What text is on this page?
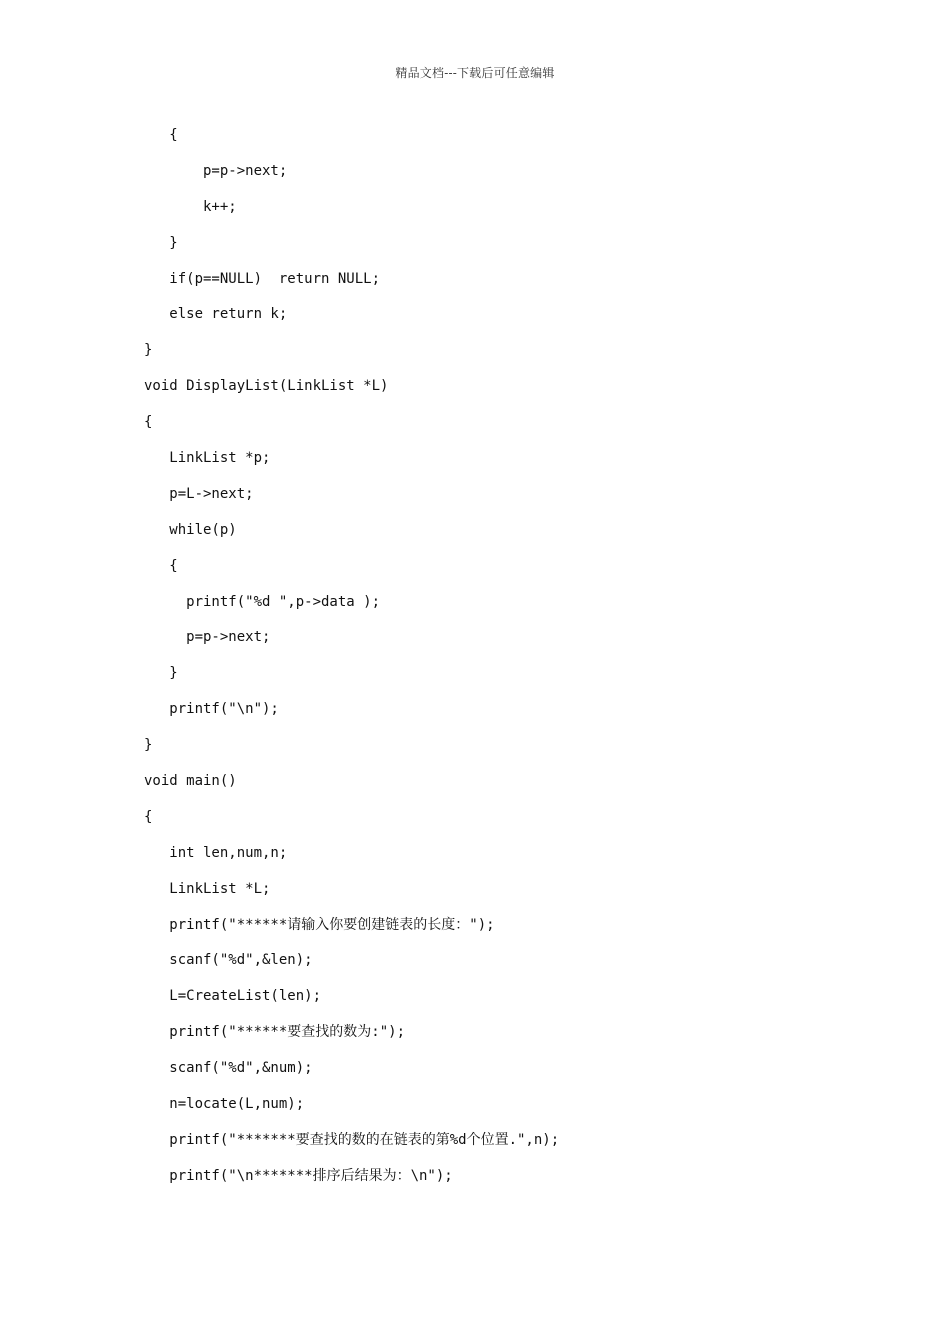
精品文档---下载后可任意编辑
{
p=p->next;
k++;
}
if(p==NULL)  return NULL;
else return k;
}
void DisplayList(LinkList *L)
{
LinkList *p;
p=L->next;
while(p)
{
printf("%d ",p->data );
p=p->next;
}
printf("\n");
}
void main()
{
int len,num,n;
LinkList *L;
printf("******请输入你要创建链表的长度：");
scanf("%d",&len);
L=CreateList(len);
printf("******要查找的数为:");
scanf("%d",&num);
n=locate(L,num);
printf("*******要查找的数的在链表的第%d个位置.",n);
printf("\n*******排序后结果为：\n");
